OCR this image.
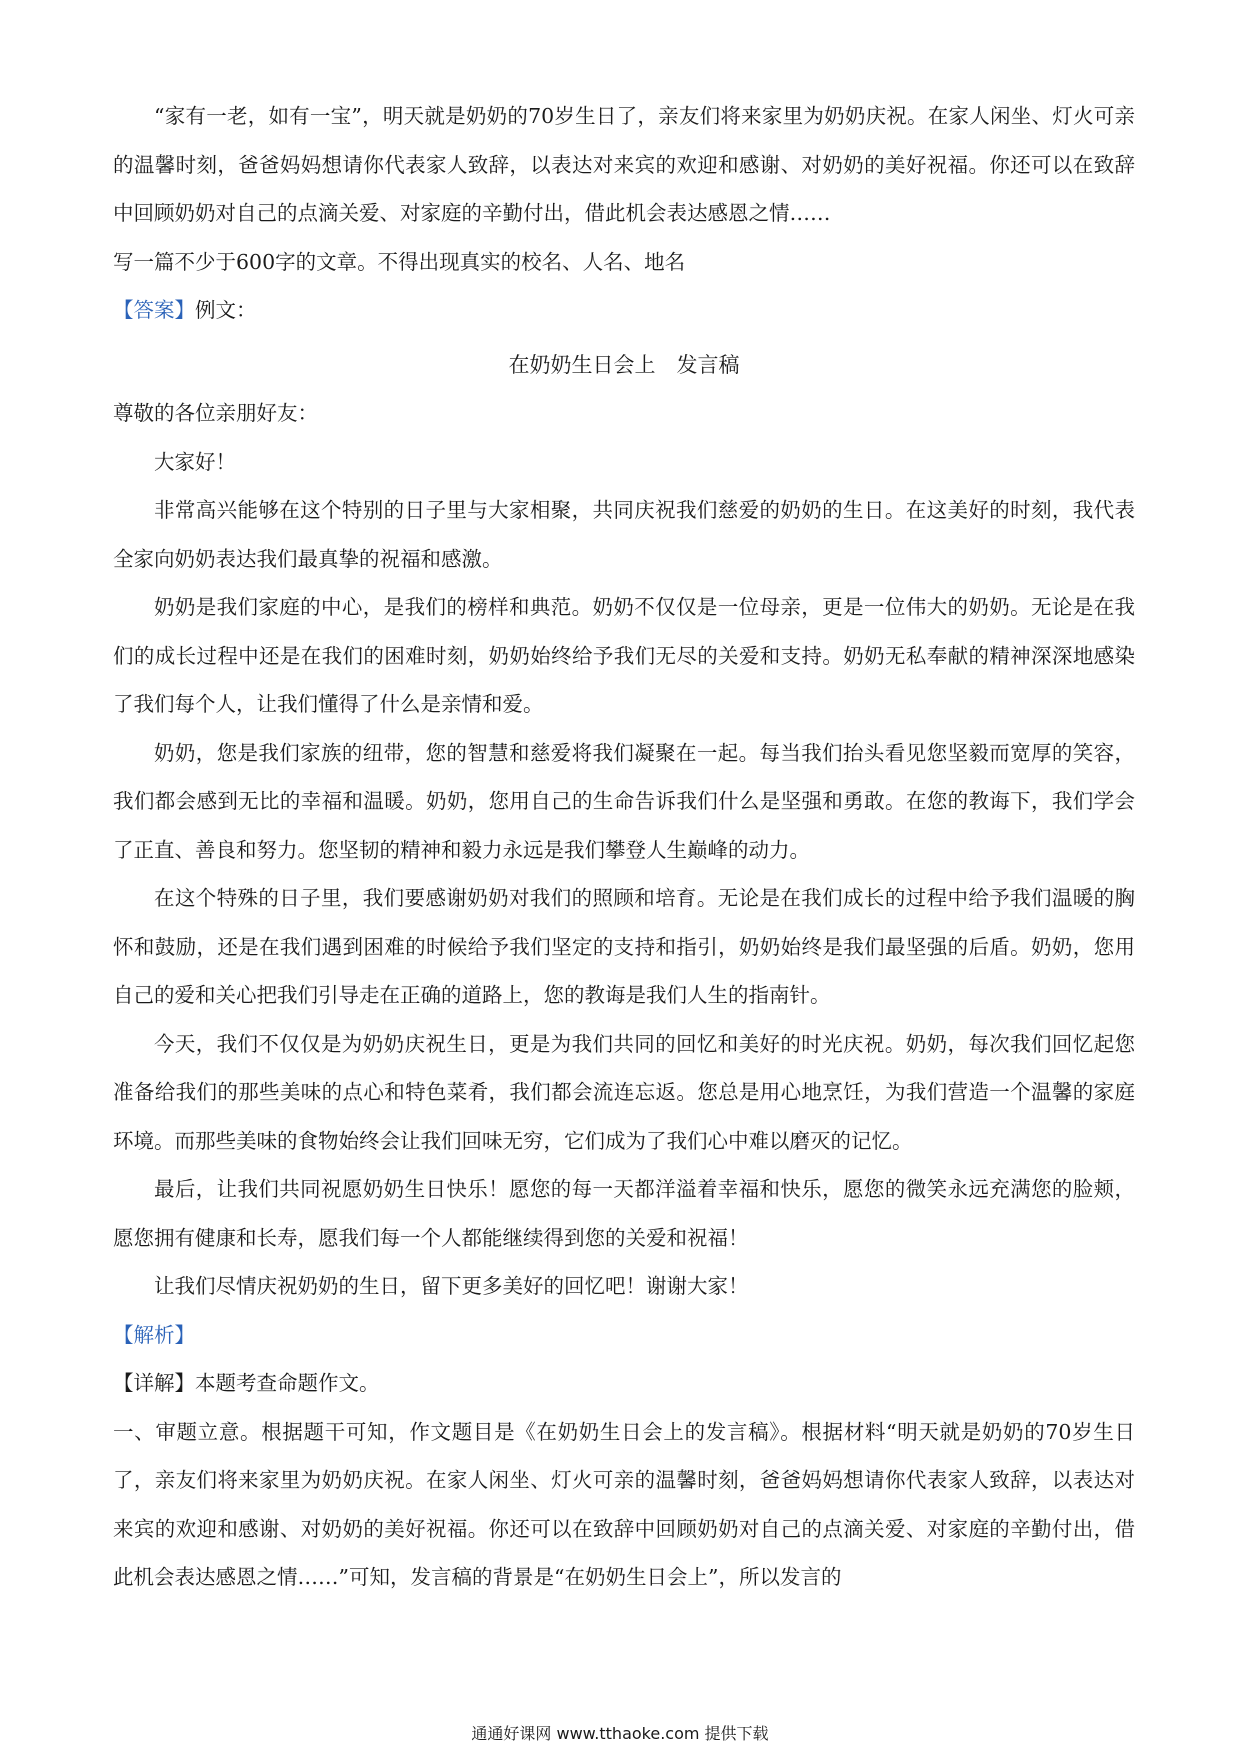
“家有一老，如有一宝”，明天就是奶奶的70岁生日了，亲友们将来家里为奶奶庆祝。在家人闲坐、灯火可亲的温馨时刻，爸爸妈妈想请你代表家人致辞，以表达对来宾的欢迎和感谢、对奶奶的美好祝福。你还可以在致辞中回顾奶奶对自己的点滴关爱、对家庭的辛勤付出，借此机会表达感恩之情……

写一篇不少于600字的文章。不得出现真实的校名、人名、地名

【答案】例文：

在奶奶生日会上　发言稿

尊敬的各位亲朋好友：

大家好！

非常高兴能够在这个特别的日子里与大家相聚，共同庆祝我们慈爱的奶奶的生日。在这美好的时刻，我代表全家向奶奶表达我们最真挚的祝福和感激。

奶奶是我们家庭的中心，是我们的榜样和典范。奶奶不仅仅是一位母亲，更是一位伟大的奶奶。无论是在我们的成长过程中还是在我们的困难时刻，奶奶始终给予我们无尽的关爱和支持。奶奶无私奉献的精神深深地感染了我们每个人，让我们懂得了什么是亲情和爱。

奶奶，您是我们家族的纽带，您的智慧和慈爱将我们凝聚在一起。每当我们抬头看见您坚毅而宽厚的笑容，我们都会感到无比的幸福和温暖。奶奶，您用自己的生命告诉我们什么是坚强和勇敢。在您的教诲下，我们学会了正直、善良和努力。您坚韧的精神和毅力永远是我们攀登人生巅峰的动力。

在这个特殊的日子里，我们要感谢奶奶对我们的照顾和培育。无论是在我们成长的过程中给予我们温暖的胸怀和鼓励，还是在我们遇到困难的时候给予我们坚定的支持和指引，奶奶始终是我们最坚强的后盾。奶奶，您用自己的爱和关心把我们引导走在正确的道路上，您的教诲是我们人生的指南针。

今天，我们不仅仅是为奶奶庆祝生日，更是为我们共同的回忆和美好的时光庆祝。奶奶，每次我们回忆起您准备给我们的那些美味的点心和特色菜肴，我们都会流连忘返。您总是用心地烹饪，为我们营造一个温馨的家庭环境。而那些美味的食物始终会让我们回味无穷，它们成为了我们心中难以磨灭的记忆。

最后，让我们共同祝愿奶奶生日快乐！愿您的每一天都洋溢着幸福和快乐，愿您的微笑永远充满您的脸颊，愿您拥有健康和长寿，愿我们每一个人都能继续得到您的关爱和祝福！

让我们尽情庆祝奶奶的生日，留下更多美好的回忆吧！谢谢大家！

【解析】

【详解】本题考查命题作文。

一、审题立意。根据题干可知，作文题目是《在奶奶生日会上的发言稿》。根据材料“明天就是奶奶的70岁生日了，亲友们将来家里为奶奶庆祝。在家人闲坐、灯火可亲的温馨时刻，爸爸妈妈想请你代表家人致辞，以表达对来宾的欢迎和感谢、对奶奶的美好祝福。你还可以在致辞中回顾奶奶对自己的点滴关爱、对家庭的辛勤付出，借此机会表达感恩之情……”可知，发言稿的背景是“在奶奶生日会上”，所以发言的

通通好课网 www.tthaoke.com 提供下载
